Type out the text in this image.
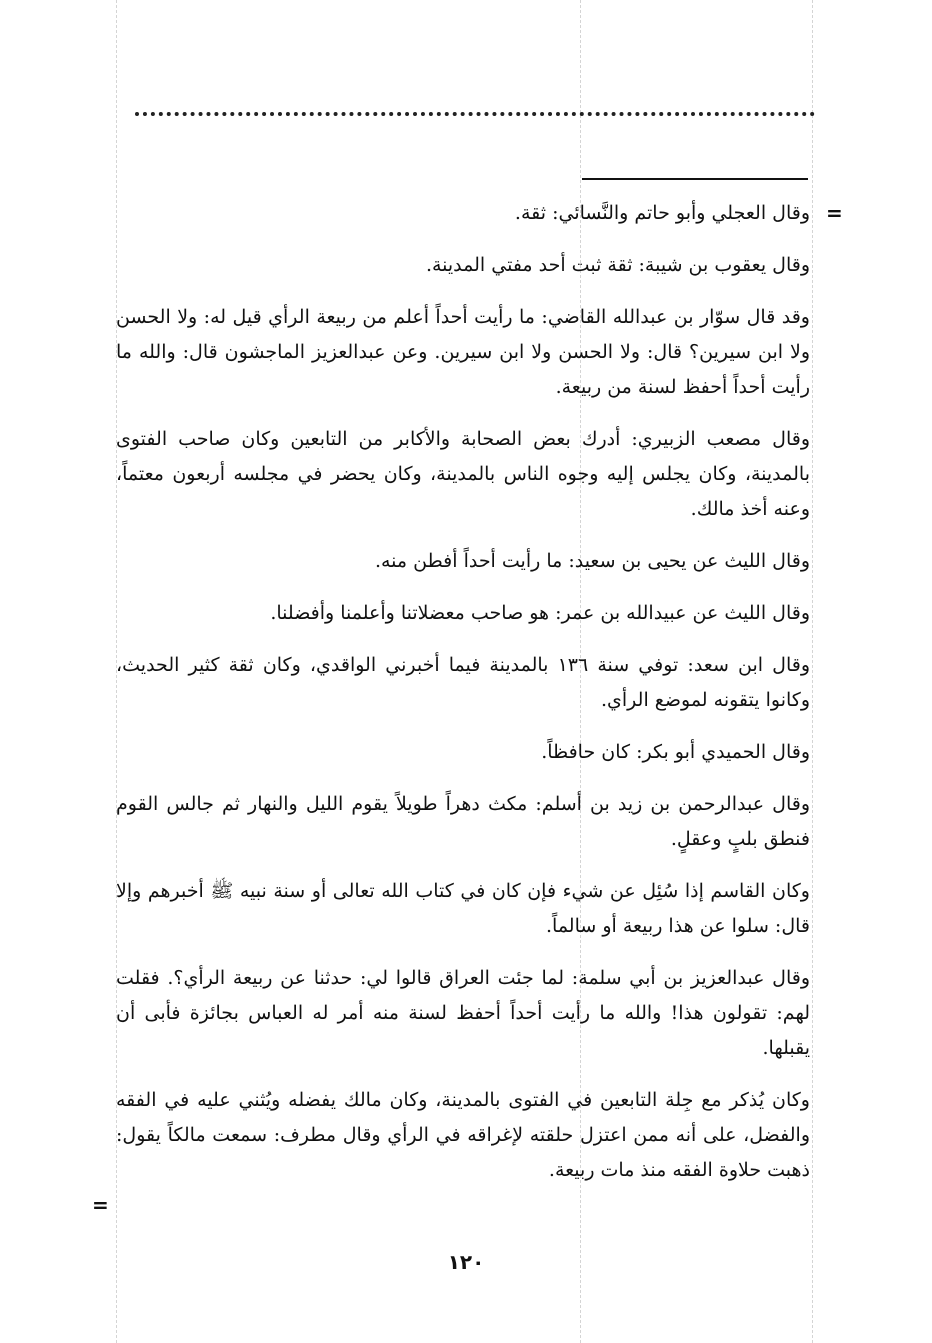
=

وقال العجلي وأبو حاتم والنَّسائي: ثقة.

وقال يعقوب بن شيبة: ثقة ثبت أحد مفتي المدينة.

وقد قال سوّار بن عبدالله القاضي: ما رأيت أحداً أعلم من ربيعة الرأي قيل له: ولا الحسن ولا ابن سيرين؟ قال: ولا الحسن ولا ابن سيرين. وعن عبدالعزيز الماجشون قال: والله ما رأيت أحداً أحفظ لسنة من ربيعة.

وقال مصعب الزبيري: أدرك بعض الصحابة والأكابر من التابعين وكان صاحب الفتوى بالمدينة، وكان يجلس إليه وجوه الناس بالمدينة، وكان يحضر في مجلسه أربعون معتماً، وعنه أخذ مالك.

وقال الليث عن يحيى بن سعيد: ما رأيت أحداً أفطن منه.

وقال الليث عن عبيدالله بن عمر: هو صاحب معضلاتنا وأعلمنا وأفضلنا.

وقال ابن سعد: توفي سنة ١٣٦ بالمدينة فيما أخبرني الواقدي، وكان ثقة كثير الحديث، وكانوا يتقونه لموضع الرأي.

وقال الحميدي أبو بكر: كان حافظاً.

وقال عبدالرحمن بن زيد بن أسلم: مكث دهراً طويلاً يقوم الليل والنهار ثم جالس القوم فنطق بلبٍ وعقلٍ.

وكان القاسم إذا سُئِل عن شيء فإن كان في كتاب الله تعالى أو سنة نبيه ﷺ أخبرهم وإلا قال: سلوا عن هذا ربيعة أو سالماً.

وقال عبدالعزيز بن أبي سلمة: لما جئت العراق قالوا لي: حدثنا عن ربيعة الرأي؟. فقلت لهم: تقولون هذا! والله ما رأيت أحداً أحفظ لسنة منه أمر له العباس بجائزة فأبى أن يقبلها.

وكان يُذكر مع جِلة التابعين في الفتوى بالمدينة، وكان مالك يفضله ويُثني عليه في الفقه والفضل، على أنه ممن اعتزل حلقته لإغراقه في الرأي وقال مطرف: سمعت مالكاً يقول: ذهبت حلاوة الفقه منذ مات ربيعة.

=
١٢٠
